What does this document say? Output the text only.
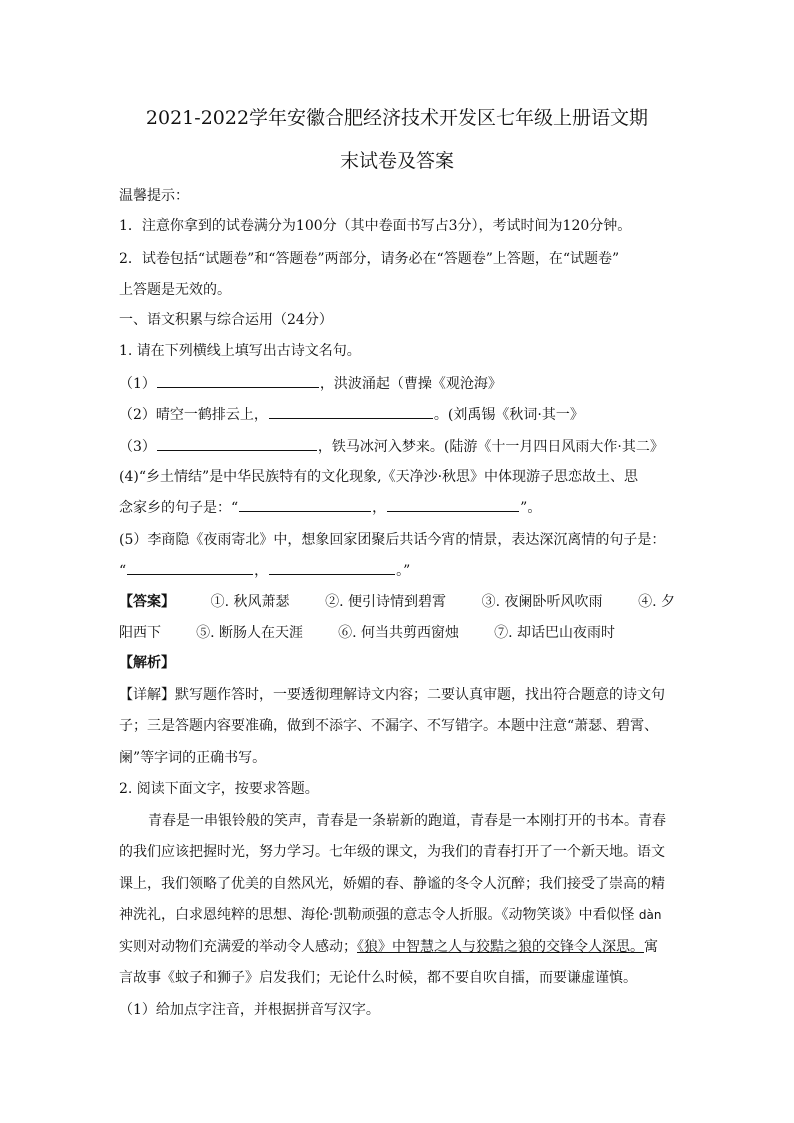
2021-2022学年安徽合肥经济技术开发区七年级上册语文期
末试卷及答案
温馨提示：
1．注意你拿到的试卷满分为100分（其中卷面书写占3分），考试时间为120分钟。
2．试卷包括“试题卷”和“答题卷”两部分，请务必在“答题卷”上答题，在“试题卷”
上答题是无效的。
一、语文积累与综合运用（24分）
1. 请在下列横线上填写出古诗文名句。
（1）	，洪波涌起（曹操《观沧海》
（2）晴空一鹤排云上，	。(刘禹锡《秋词·其一》
（3）	，铁马冰河入梦来。(陆游《十一月四日风雨大作·其二》
(4)“乡土情结”是中华民族特有的文化现象,《天净沙·秋思》中体现游子思恋故土、思
念家乡的句子是：“	，	”。
(5）李商隐《夜雨寄北》中，想象回家团聚后共话今宵的情景，表达深沉离情的句子是：
“	，	。”
【答案】	①. 秋风萧瑟	②. 便引诗情到碧霄	③. 夜阑卧听风吹雨	④. 夕
阳西下	⑤. 断肠人在天涯	⑥. 何当共剪西窗烛	⑦. 却话巴山夜雨时
【解析】
【详解】默写题作答时，一要透彻理解诗文内容；二要认真审题，找出符合题意的诗文句
子；三是答题内容要准确，做到不添字、不漏字、不写错字。本题中注意“萧瑟、碧霄、
阑”等字词的正确书写。
2. 阅读下面文字，按要求答题。
青春是一串银铃般的笑声，青春是一条崭新的跑道，青春是一本刚打开的书本。青春
的我们应该把握时光，努力学习。七年级的课文，为我们的青春打开了一个新天地。语文
课上，我们领略了优美的自然风光，娇媚的春、静谧的冬令人沉醉；我们接受了崇高的精
神洗礼，白求恩纯粹的思想、海伦·凯勒顽强的意志令人折服。《动物笑谈》中看似怪 dàn
实则对动物们充满爱的举动令人感动；《狼》中智慧之人与狡黠之狼的交锋令人深思。寓
言故事《蚊子和狮子》启发我们；无论什么时候，都不要自吹自擂，而要谦虚谨慎。
（1）给加点字注音，并根据拼音写汉字。
